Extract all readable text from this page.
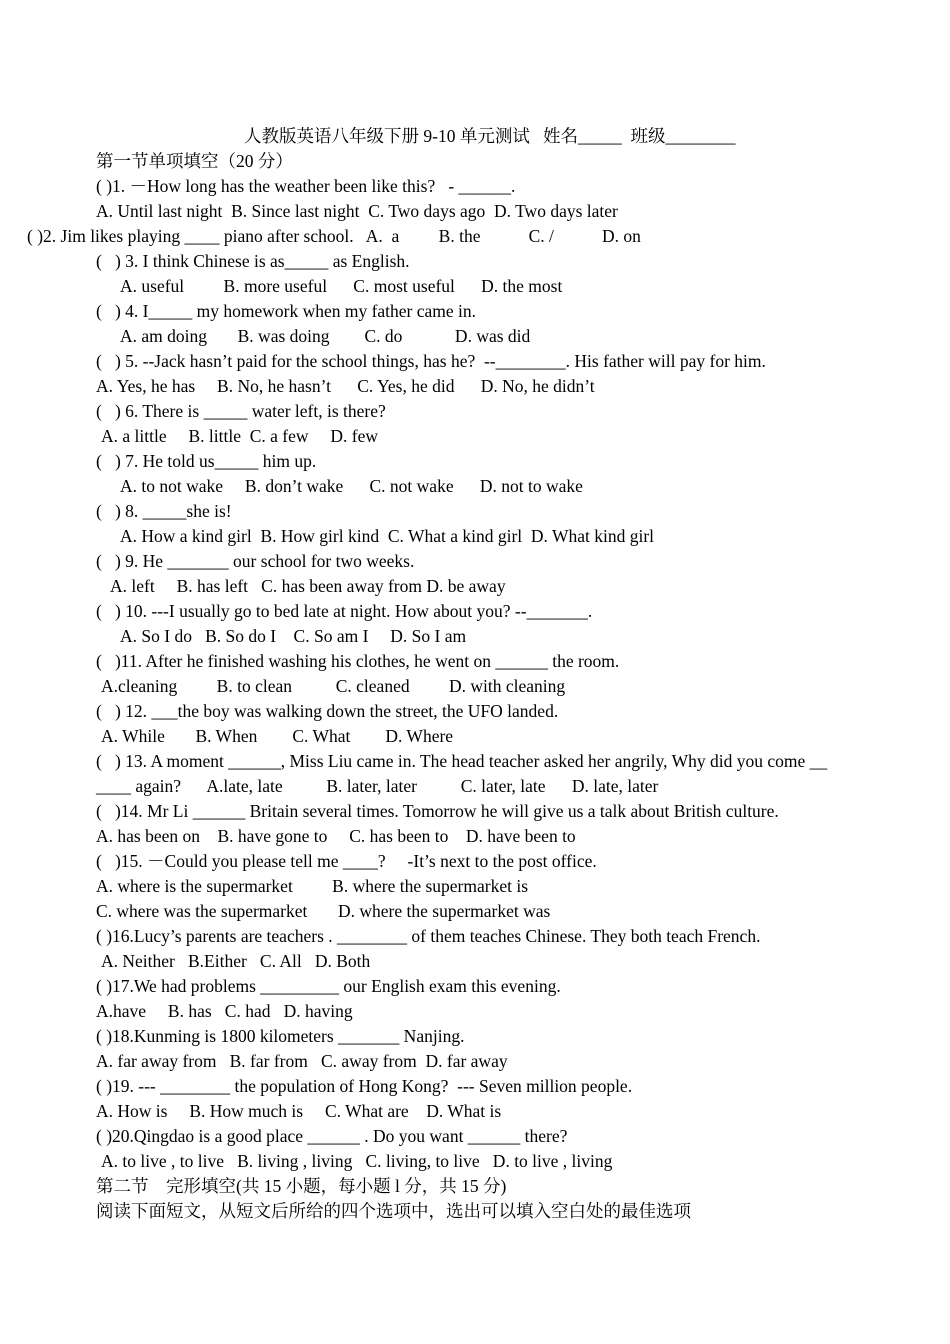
人教版英语八年级下册 9-10 单元测试   姓名_____  班级________
第一节单项填空（20 分）
( )1. －How long has the weather been like this?   - ______.
A. Until last night  B. Since last night  C. Two days ago  D. Two days later
( )2. Jim likes playing ____ piano after school.   A.  a         B. the           C. /           D. on
(   ) 3. I think Chinese is as_____ as English.
A. useful         B. more useful      C. most useful      D. the most
(   ) 4. I_____ my homework when my father came in.
A. am doing       B. was doing        C. do            D. was did
(   ) 5. --Jack hasn’t paid for the school things, has he?  --________. His father will pay for him.
A. Yes, he has     B. No, he hasn’t      C. Yes, he did      D. No, he didn’t
(   ) 6. There is _____ water left, is there?
A. a little     B. little  C. a few     D. few
(   ) 7. He told us_____ him up.
A. to not wake     B. don’t wake      C. not wake      D. not to wake
(   ) 8. _____she is!
A. How a kind girl  B. How girl kind  C. What a kind girl  D. What kind girl
(   ) 9. He _______ our school for two weeks.
A. left     B. has left   C. has been away from D. be away
(   ) 10. ---I usually go to bed late at night. How about you? --_______.
A. So I do   B. So do I    C. So am I     D. So I am
(   )11. After he finished washing his clothes, he went on ______ the room.
A.cleaning         B. to clean          C. cleaned         D. with cleaning
(   ) 12. ___the boy was walking down the street, the UFO landed.
A. While       B. When        C. What        D. Where
(   ) 13. A moment ______, Miss Liu came in. The head teacher asked her angrily, Why did you come __
____ again?      A.late, late          B. later, later          C. later, late      D. late, later
(   )14. Mr Li ______ Britain several times. Tomorrow he will give us a talk about British culture.
A. has been on    B. have gone to     C. has been to    D. have been to
(   )15. －Could you please tell me ____?     -It’s next to the post office.
A. where is the supermarket         B. where the supermarket is
C. where was the supermarket       D. where the supermarket was
( )16.Lucy’s parents are teachers . ________ of them teaches Chinese. They both teach French.
A. Neither   B.Either   C. All   D. Both
( )17.We had problems _________ our English exam this evening.
A.have     B. has   C. had   D. having
( )18.Kunming is 1800 kilometers _______ Nanjing.
A. far away from   B. far from   C. away from  D. far away
( )19. --- ________ the population of Hong Kong?  --- Seven million people.
A. How is     B. How much is     C. What are    D. What is
( )20.Qingdao is a good place ______ . Do you want ______ there?
A. to live , to live   B. living , living   C. living, to live   D. to live , living
第二节    完形填空(共 15 小题，每小题 l 分，共 15 分)
阅读下面短文，从短文后所给的四个选项中，选出可以填入空白处的最佳选项
